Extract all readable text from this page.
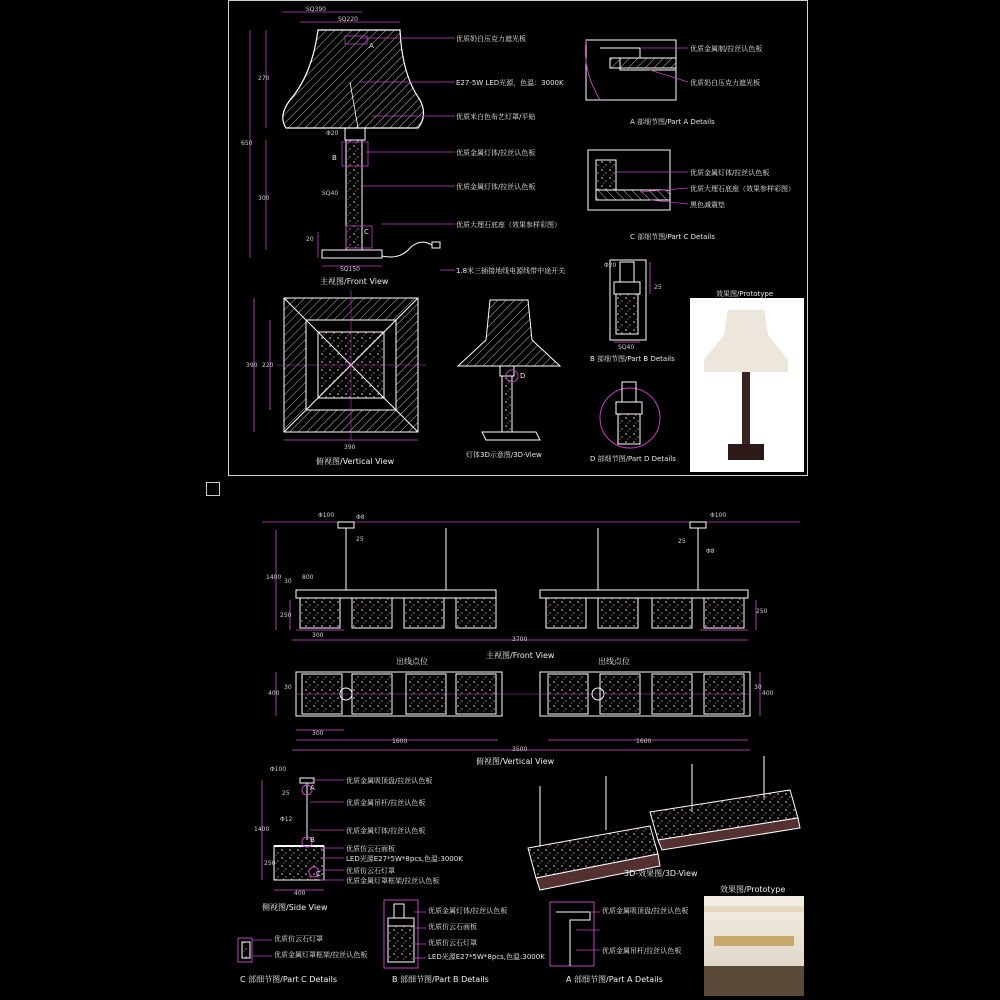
SQ390
SQ220
270
650
300
20
Φ20
SQ40
SQ150
A
B
C
优质奶白压克力遮光板
E27-5W LED光源，色温：3000K
优质米白色布艺灯罩/平贴
优质金属灯体/拉丝认色板
优质金属灯体/拉丝认色板
优质大理石底座（效果参样彩图）
1.8米三插接地线电源线带中途开关
主视图/Front View
优质金属制/拉丝认色板
优质奶白压克力遮光板
A 部细节图/Part A Details
优质金属灯体/拉丝认色板
优质大理石底座（效果参样彩图）
黑色减震垫
C 部细节图/Part C Details
Φ20
25
SQ40
B 部细节图/Part B Details
D 部细节图/Part D Details
390
390 220
俯视图/Vertical View
D
灯体3D示意图/3D-View
效果图/Prototype
Φ100	Φ8
25
1400	800
30
250
300
3700
Φ100
Φ8
25
250
主视图/Front View
出线点位	出线点位
400
30
300
1600	1600
3500
400
30
俯视图/Vertical View
Φ100
25
Φ12
1400
250
400
A
B
C
优质金属吸顶盘/拉丝认色板
优质金属吊杆/拉丝认色板
优质金属灯体/拉丝认色板
优质仿云石面板
LED光源E27*5W*8pcs,色温:3000K
优质仿云石灯罩
优质金属灯罩框架/拉丝认色板
侧视图/Side View
3D-效果图/3D-View
效果图/Prototype
优质仿云石灯罩
优质金属灯罩框架/拉丝认色板
C 部细节图/Part C Details
优质金属灯体/拉丝认色板
优质仿云石面板
优质仿云石灯罩
LED光源E27*5W*8pcs,色温:3000K
B 部细节图/Part B Details
优质金属吸顶盘/拉丝认色板
优质金属吊杆/拉丝认色板
A 部细节图/Part A Details
